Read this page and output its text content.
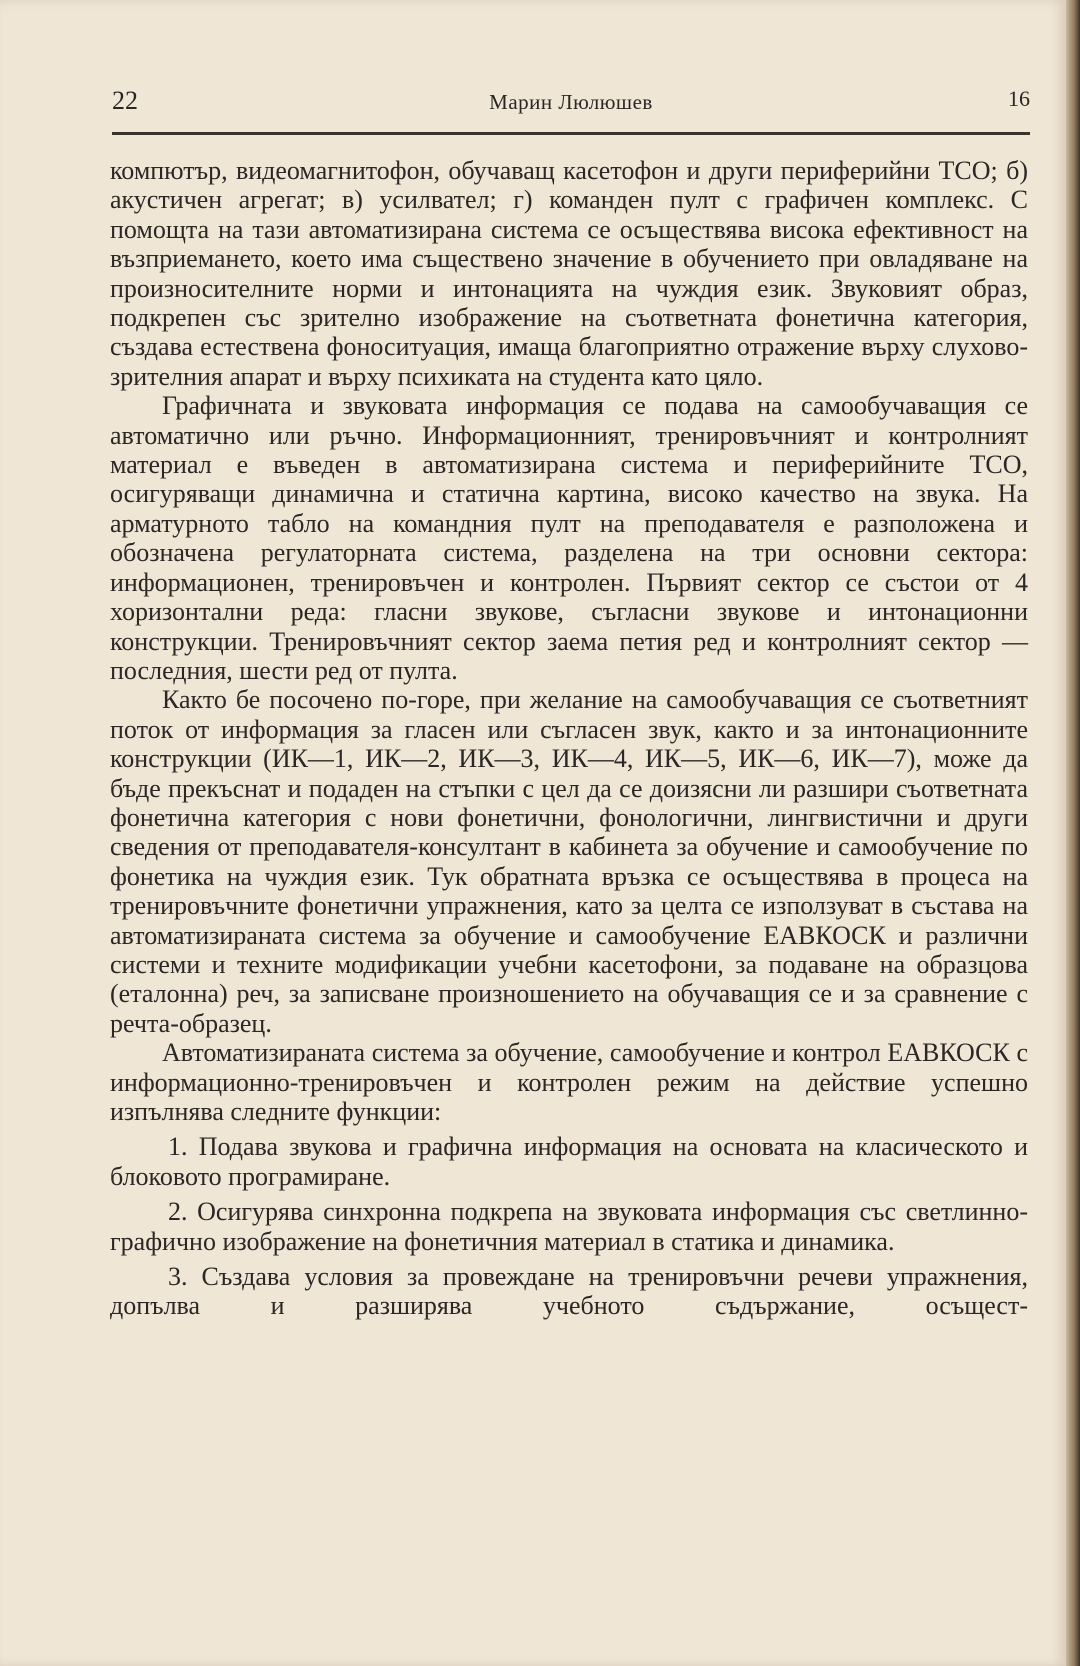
22	Марин Люлюшев	16

компютър, видеомагнитофон, обучаващ касетофон и други периферийни ТСО; б) акустичен агрегат; в) усилвател; г) команден пулт с графичен комплекс. С помощта на тази автоматизирана система се осъществява висока ефективност на възприемането, което има съществено значение в обучението при овладяване на произносителните норми и интонацията на чуждия език. Звуковият образ, подкрепен със зрително изображение на съответната фонетична категория, създава естествена фоноситуация, имаща благоприятно отражение върху слухово-зрителния апарат и върху психиката на студента като цяло.

Графичната и звуковата информация се подава на самообучаващия се автоматично или ръчно. Информационният, тренировъчният и контролният материал е въведен в автоматизирана система и периферийните ТСО, осигуряващи динамична и статична картина, високо качество на звука. На арматурното табло на командния пулт на преподавателя е разположена и обозначена регулаторната система, разделена на три основни сектора: информационен, тренировъчен и контролен. Първият сектор се състои от 4 хоризонтални реда: гласни звукове, съгласни звукове и интонационни конструкции. Тренировъчният сектор заема петия ред и контролният сектор — последния, шести ред от пулта.

Както бе посочено по-горе, при желание на самообучаващия се съответният поток от информация за гласен или съгласен звук, както и за интонационните конструкции (ИК—1, ИК—2, ИК—3, ИК—4, ИК—5, ИК—6, ИК—7), може да бъде прекъснат и подаден на стъпки с цел да се доизясни ли разшири съответната фонетична категория с нови фонетични, фонологични, лингвистични и други сведения от преподавателя-консултант в кабинета за обучение и самообучение по фонетика на чуждия език. Тук обратната връзка се осъществява в процеса на тренировъчните фонетични упражнения, като за целта се използуват в състава на автоматизираната система за обучение и самообучение ЕАВКОСК и различни системи и техните модификации учебни касетофони, за подаване на образцова (еталонна) реч, за записване произношението на обучаващия се и за сравнение с речта-образец.

Автоматизираната система за обучение, самообучение и контрол ЕАВКОСК с информационно-тренировъчен и контролен режим на действие успешно изпълнява следните функции:

1. Подава звукова и графична информация на основата на класическото и блоковото програмиране.

2. Осигурява синхронна подкрепа на звуковата информация със светлинно-графично изображение на фонетичния материал в статика и динамика.

3. Създава условия за провеждане на тренировъчни речеви упражнения, допълва и разширява учебното съдържание, осъщест-
